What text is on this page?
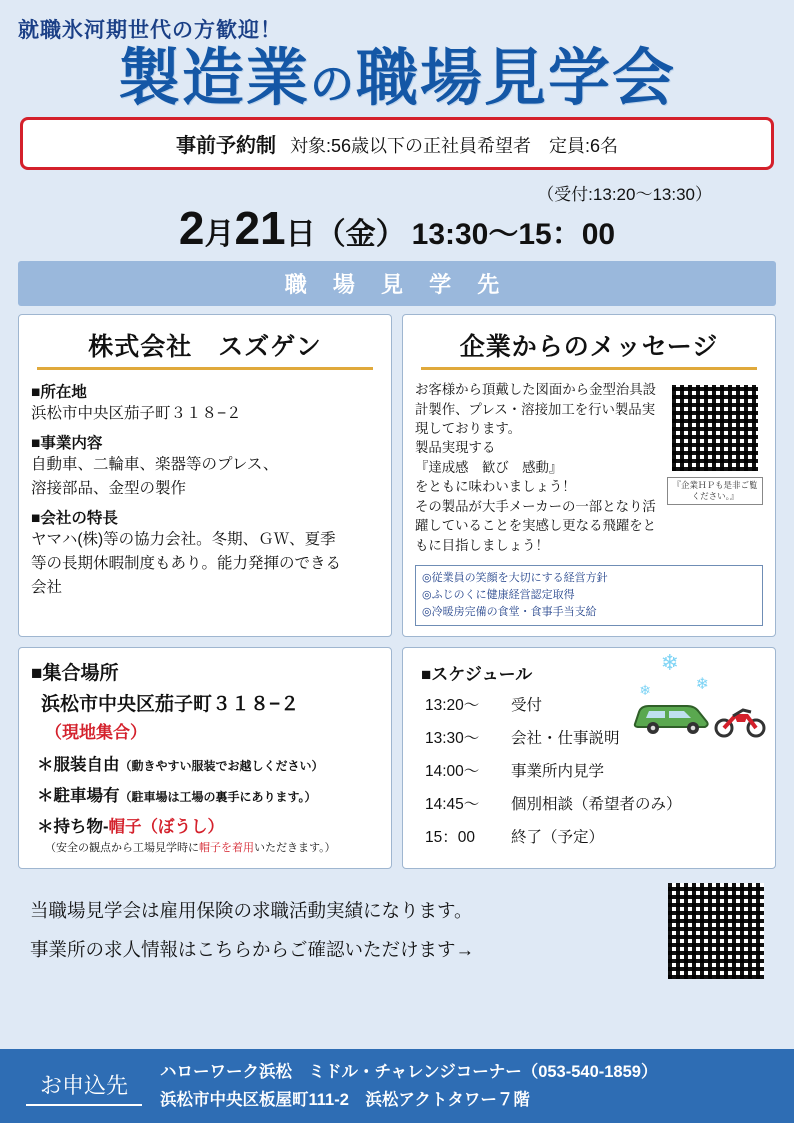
就職氷河期世代の方歓迎！
製造業の職場見学会
事前予約制 対象:56歳以下の正社員希望者　定員:6名
（受付:13:20〜13:30）
2月21日（金） 13:30〜15：00
職 場 見 学 先
株式会社　スズゲン
■所在地
浜松市中央区茄子町３１８−２
■事業内容
自動車、二輪車、楽器等のプレス、
溶接部品、金型の製作
■会社の特長
ヤマハ(株)等の協力会社。冬期、ＧＷ、夏季
等の長期休暇制度もあり。能力発揮のできる
会社
企業からのメッセージ
お客様から頂戴した図面から金型治具設
計製作、プレス・溶接加工を行い製品実
現しております。
製品実現する
『達成感　歓び　感動』
をともに味わいましょう！
その製品が大手メーカーの一部となり活
躍していることを実感し更なる飛躍をと
もに目指しましょう！
『企業ＨＰも是非ご覧ください。』
◎従業員の笑顔を大切にする経営方針
◎ふじのくに健康経営認定取得
◎冷暖房完備の食堂・食事手当支給
■集合場所
浜松市中央区茄子町３１８−２
（現地集合）
＊服装自由（動きやすい服装でお越しください）
＊駐車場有（駐車場は工場の裏手にあります。）
＊持ち物-帽子（ぼうし）
（安全の観点から工場見学時に帽子を着用いただきます。）
❄
❄
❄
■スケジュール
13:20〜 受付
13:30〜 会社・仕事説明
14:00〜 事業所内見学
14:45〜 個別相談（希望者のみ）
15：00 終了（予定）
当職場見学会は雇用保険の求職活動実績になります。
事業所の求人情報はこちらからご確認いただけます→
お申込先
ハローワーク浜松　ミドル・チャレンジコーナー（053-540-1859）
浜松市中央区板屋町111-2　浜松アクトタワー７階
